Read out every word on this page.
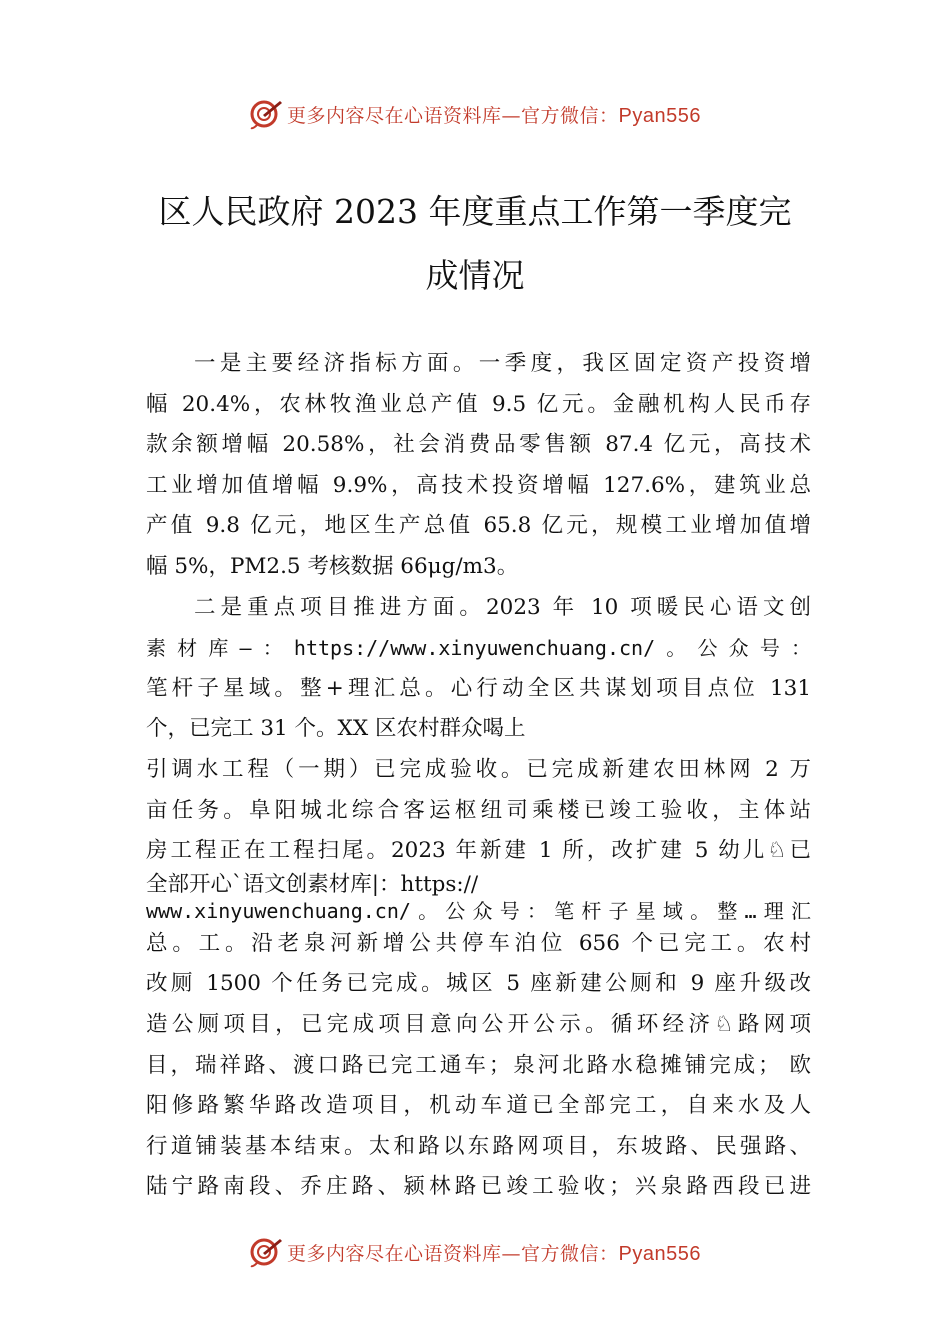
更多内容尽在心语资料库—官方微信：Pyan556
区人民政府 2023 年度重点工作第一季度完
成情况
一是主要经济指标方面。一季度，我区固定资产投资增
幅 20.4%，农林牧渔业总产值 9.5 亿元。金融机构人民币存
款余额增幅 20.58%，社会消费品零售额 87.4 亿元，高技术
工业增加值增幅 9.9%，高技术投资增幅 127.6%，建筑业总
产值 9.8 亿元，地区生产总值 65.8 亿元，规模工业增加值增
幅 5%，PM2.5 考核数据 66μg/m3。
二是重点项目推进方面。2023 年 10 项暖民心语文创
素材库—：https://www.xinyuwenchuang.cn/。公众号：
笔杆子星域。整+理汇总。心行动全区共谋划项目点位 131
个，已完工 31 个。XX 区农村群众喝上
引调水工程（一期）已完成验收。已完成新建农田林网 2 万
亩任务。阜阳城北综合客运枢纽司乘楼已竣工验收，主体站
房工程正在工程扫尾。2023 年新建 1 所，改扩建 5 幼儿♘已
全部开心`语文创素材库|：https://
www.xinyuwenchuang.cn/。公众号：笔杆子星域。整…理汇
总。工。沿老泉河新增公共停车泊位 656 个已完工。农村
改厕 1500 个任务已完成。城区 5 座新建公厕和 9 座升级改
造公厕项目，已完成项目意向公开公示。循环经济♘路网项
目，瑞祥路、渡口路已完工通车；泉河北路水稳摊铺完成； 欧
阳修路繁华路改造项目，机动车道已全部完工，自来水及人
行道铺装基本结束。太和路以东路网项目，东坡路、民强路、
陆宁路南段、乔庄路、颍林路已竣工验收；兴泉路西段已进
更多内容尽在心语资料库—官方微信：Pyan556
